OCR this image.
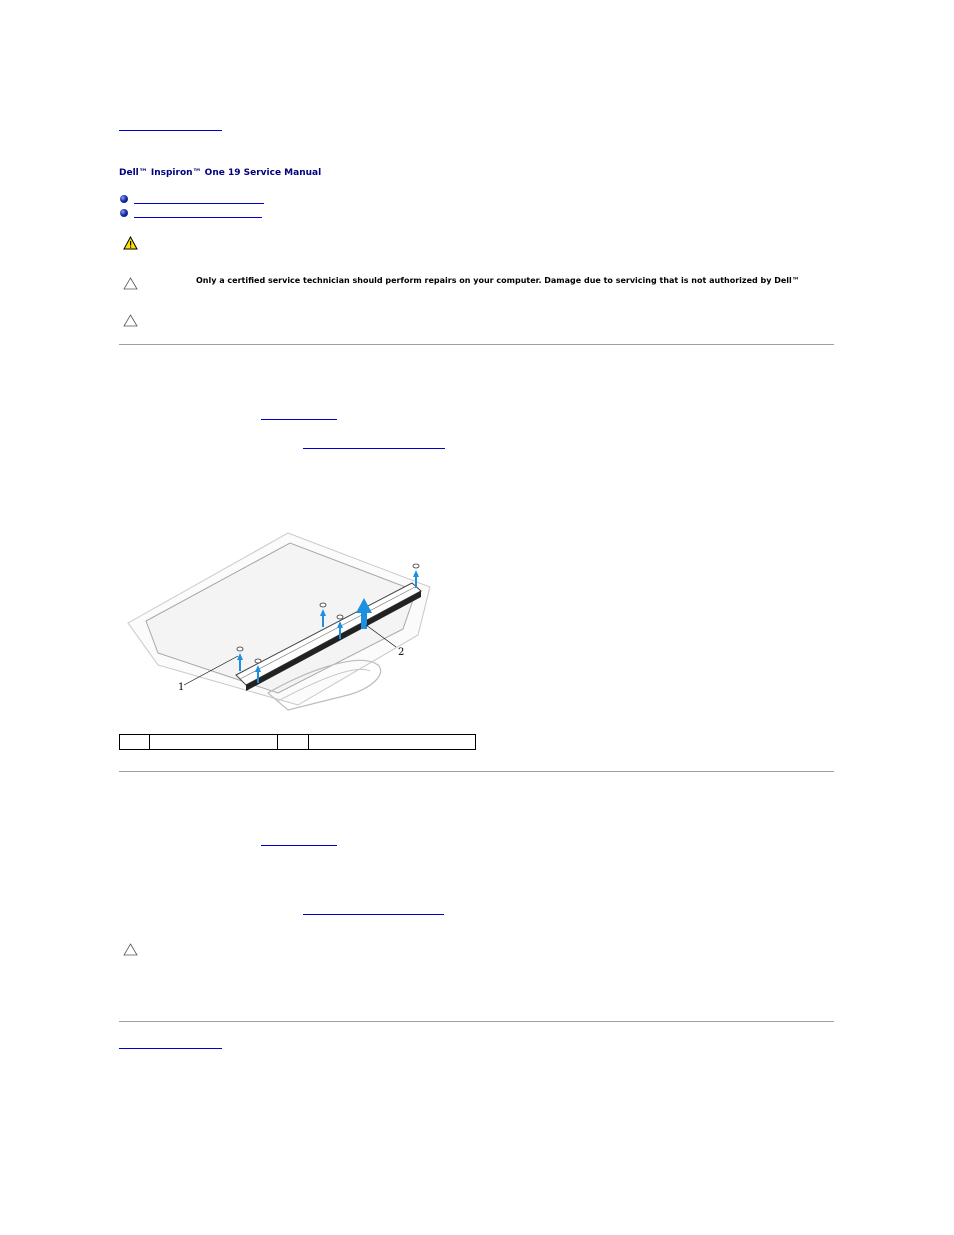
Dell™ Inspiron™ One 19 Service Manual
Only a certified service technician should perform repairs on your computer. Damage due to servicing that is not authorized by Dell™
1
2
